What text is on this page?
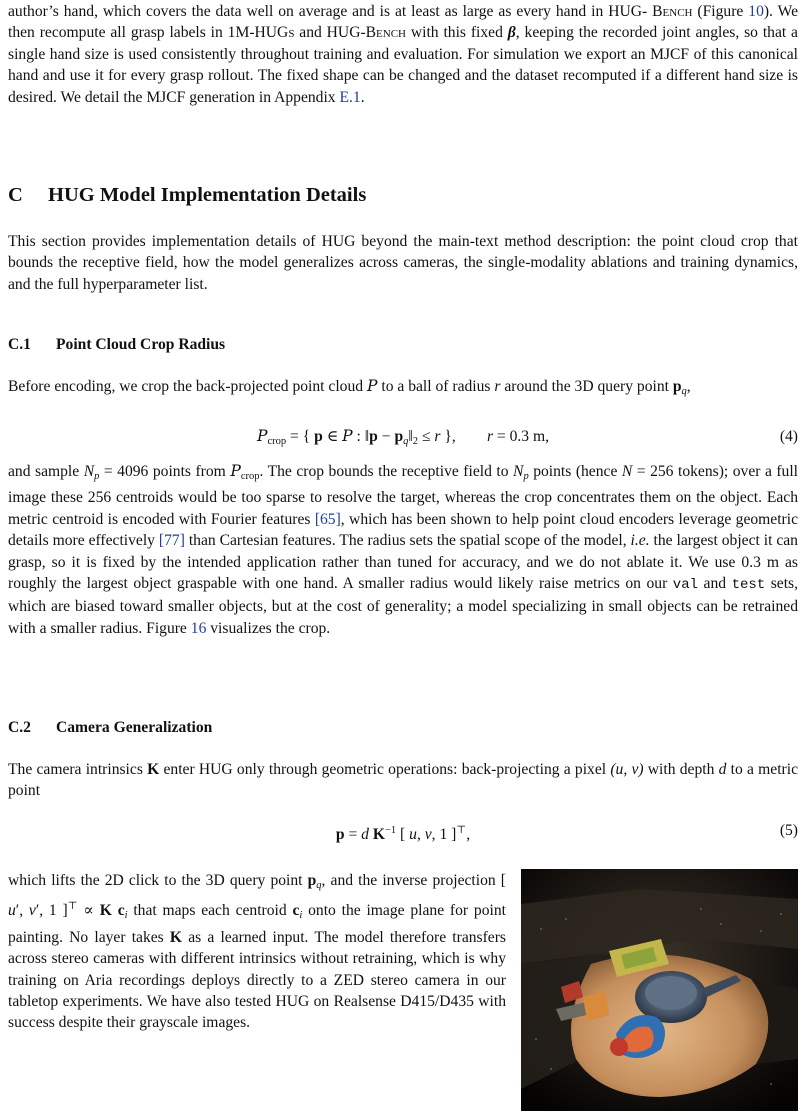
author’s hand, which covers the data well on average and is at least as large as every hand in HUG- Bench (Figure 10). We then recompute all grasp labels in 1M-HUGs and HUG-Bench with this fixed β, keeping the recorded joint angles, so that a single hand size is used consistently throughout training and evaluation. For simulation we export an MJCF of this canonical hand and use it for every grasp rollout. The fixed shape can be changed and the dataset recomputed if a different hand size is desired. We detail the MJCF generation in Appendix E.1.

C HUG Model Implementation Details

This section provides implementation details of HUG beyond the main-text method description: the point cloud crop that bounds the receptive field, how the model generalizes across cameras, the single-modality ablations and training dynamics, and the full hyperparameter list.

C.1 Point Cloud Crop Radius

Before encoding, we crop the back-projected point cloud P to a ball of radius r around the 3D query point $p_q$,

$P_{crop}$ = { p ∈ P : ‖p − $p_q‖_2 \le r$ },        r = 0.3 m,	(4)

and sample $N_p = 4096$ points from $P_{crop}$. The crop bounds the receptive field to $N_p$ points (hence N = 256 tokens); over a full image these 256 centroids would be too sparse to resolve the target, whereas the crop concentrates them on the object. Each metric centroid is encoded with Fourier features [65], which has been shown to help point cloud encoders leverage geometric details more effectively [77] than Cartesian features. The radius sets the spatial scope of the model, i.e. the largest object it can grasp, so it is fixed by the intended application rather than tuned for accuracy, and we do not ablate it. We use 0.3 m as roughly the largest object graspable with one hand. A smaller radius would likely raise metrics on our val and test sets, which are biased toward smaller objects, but at the cost of generality; a model specializing in small objects can be retrained with a smaller radius. Figure 16 visualizes the crop.

C.2 Camera Generalization

The camera intrinsics K enter HUG only through geometric operations: back-projecting a pixel (u, v) with depth d to a metric point

p = d $K^{-1}$ [ u, v, 1 ]⊤,	(5)

which lifts the 2D click to the 3D query point $p_q$, and the inverse projection [ u′, v′, 1 ]⊤ ∝ K $c_i$ that maps each centroid $c_i$ onto the image plane for point painting. No layer takes K as a learned input. The model therefore transfers across stereo cameras with different intrinsics without retraining, which is why training on Aria recordings deploys directly to a ZED stereo camera in our tabletop experiments. We have also tested HUG on Realsense D415/D435 with success despite their grayscale images.
